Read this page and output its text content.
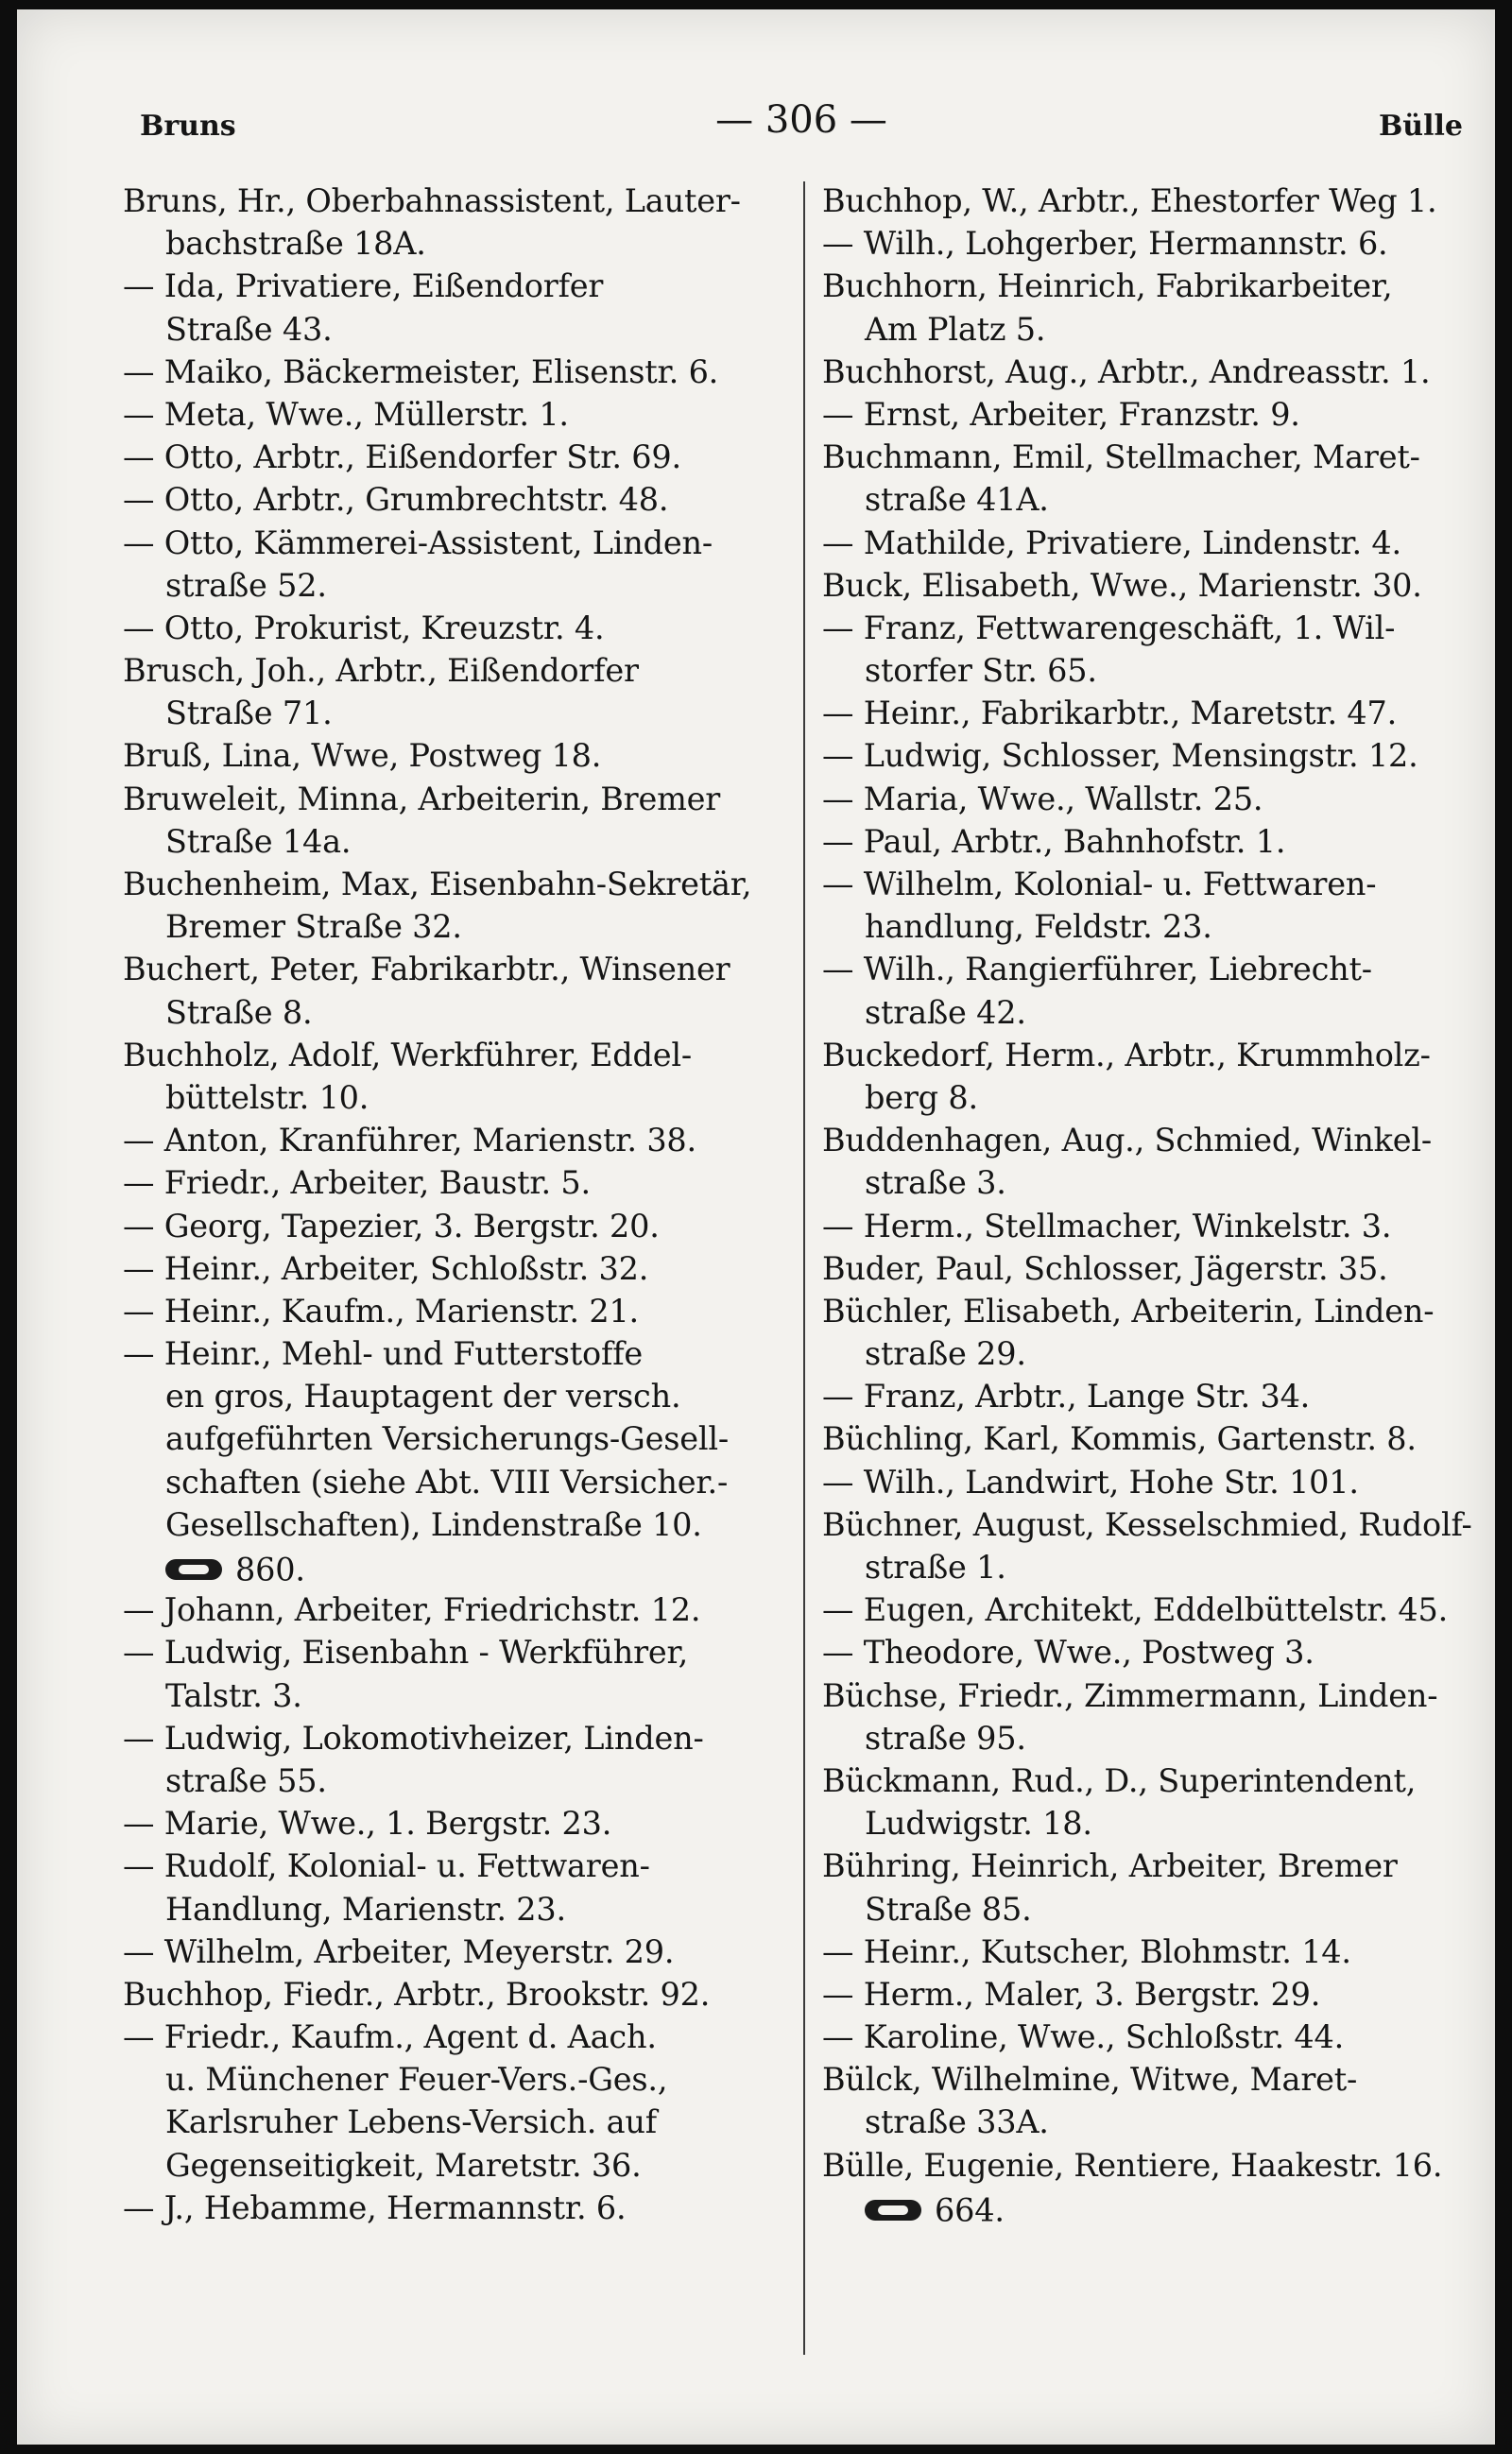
Bruns	— 306 —	Bülle
Bruns, Hr., Oberbahnassistent, Lauter-
bachstraße 18A.
— Ida, Privatiere, Eißendorfer
Straße 43.
— Maiko, Bäckermeister, Elisenstr. 6.
— Meta, Wwe., Müllerstr. 1.
— Otto, Arbtr., Eißendorfer Str. 69.
— Otto, Arbtr., Grumbrechtstr. 48.
— Otto, Kämmerei-Assistent, Linden-
straße 52.
— Otto, Prokurist, Kreuzstr. 4.
Brusch, Joh., Arbtr., Eißendorfer
Straße 71.
Bruß, Lina, Wwe, Postweg 18.
Bruweleit, Minna, Arbeiterin, Bremer
Straße 14a.
Buchenheim, Max, Eisenbahn-Sekretär,
Bremer Straße 32.
Buchert, Peter, Fabrikarbtr., Winsener
Straße 8.
Buchholz, Adolf, Werkführer, Eddel-
büttelstr. 10.
— Anton, Kranführer, Marienstr. 38.
— Friedr., Arbeiter, Baustr. 5.
— Georg, Tapezier, 3. Bergstr. 20.
— Heinr., Arbeiter, Schloßstr. 32.
— Heinr., Kaufm., Marienstr. 21.
— Heinr., Mehl- und Futterstoffe
en gros, Hauptagent der versch.
aufgeführten Versicherungs-Gesell-
schaften (siehe Abt. VIII Versicher.-
Gesellschaften), Lindenstraße 10.
860.
— Johann, Arbeiter, Friedrichstr. 12.
— Ludwig, Eisenbahn - Werkführer,
Talstr. 3.
— Ludwig, Lokomotivheizer, Linden-
straße 55.
— Marie, Wwe., 1. Bergstr. 23.
— Rudolf, Kolonial- u. Fettwaren-
Handlung, Marienstr. 23.
— Wilhelm, Arbeiter, Meyerstr. 29.
Buchhop, Fiedr., Arbtr., Brookstr. 92.
— Friedr., Kaufm., Agent d. Aach.
u. Münchener Feuer-Vers.-Ges.,
Karlsruher Lebens-Versich. auf
Gegenseitigkeit, Maretstr. 36.
— J., Hebamme, Hermannstr. 6.
Buchhop, W., Arbtr., Ehestorfer Weg 1.
— Wilh., Lohgerber, Hermannstr. 6.
Buchhorn, Heinrich, Fabrikarbeiter,
Am Platz 5.
Buchhorst, Aug., Arbtr., Andreasstr. 1.
— Ernst, Arbeiter, Franzstr. 9.
Buchmann, Emil, Stellmacher, Maret-
straße 41A.
— Mathilde, Privatiere, Lindenstr. 4.
Buck, Elisabeth, Wwe., Marienstr. 30.
— Franz, Fettwarengeschäft, 1. Wil-
storfer Str. 65.
— Heinr., Fabrikarbtr., Maretstr. 47.
— Ludwig, Schlosser, Mensingstr. 12.
— Maria, Wwe., Wallstr. 25.
— Paul, Arbtr., Bahnhofstr. 1.
— Wilhelm, Kolonial- u. Fettwaren-
handlung, Feldstr. 23.
— Wilh., Rangierführer, Liebrecht-
straße 42.
Buckedorf, Herm., Arbtr., Krummholz-
berg 8.
Buddenhagen, Aug., Schmied, Winkel-
straße 3.
— Herm., Stellmacher, Winkelstr. 3.
Buder, Paul, Schlosser, Jägerstr. 35.
Büchler, Elisabeth, Arbeiterin, Linden-
straße 29.
— Franz, Arbtr., Lange Str. 34.
Büchling, Karl, Kommis, Gartenstr. 8.
— Wilh., Landwirt, Hohe Str. 101.
Büchner, August, Kesselschmied, Rudolf-
straße 1.
— Eugen, Architekt, Eddelbüttelstr. 45.
— Theodore, Wwe., Postweg 3.
Büchse, Friedr., Zimmermann, Linden-
straße 95.
Bückmann, Rud., D., Superintendent,
Ludwigstr. 18.
Bühring, Heinrich, Arbeiter, Bremer
Straße 85.
— Heinr., Kutscher, Blohmstr. 14.
— Herm., Maler, 3. Bergstr. 29.
— Karoline, Wwe., Schloßstr. 44.
Bülck, Wilhelmine, Witwe, Maret-
straße 33A.
Bülle, Eugenie, Rentiere, Haakestr. 16.
664.
